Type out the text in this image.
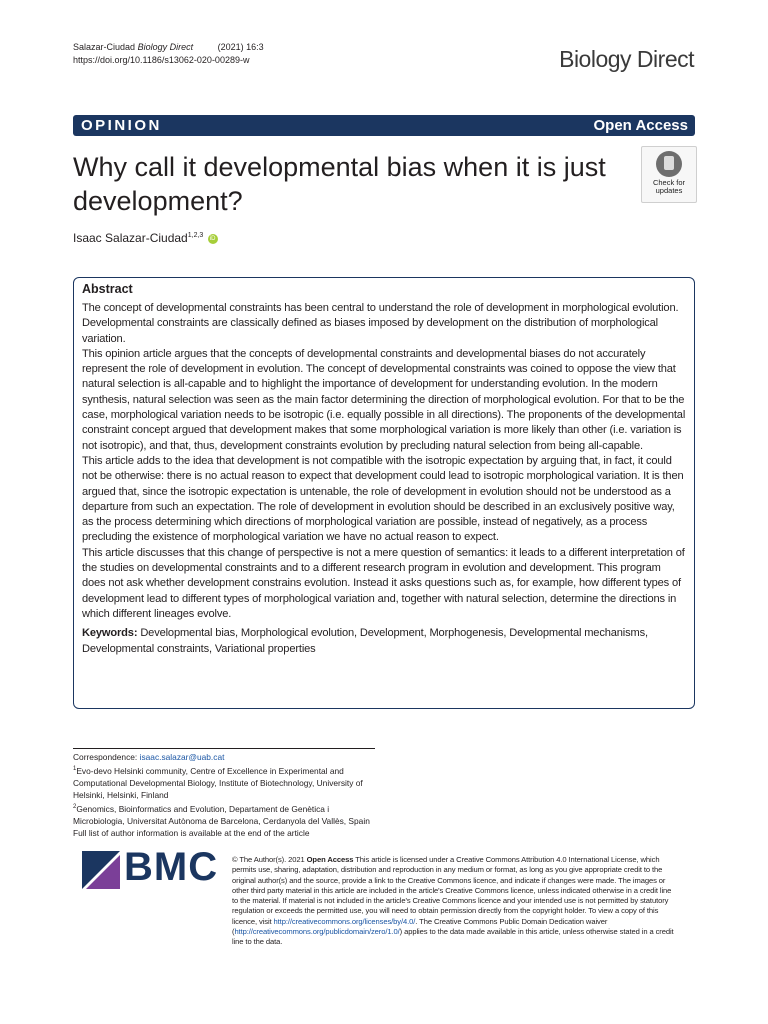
Salazar-Ciudad Biology Direct	(2021) 16:3
https://doi.org/10.1186/s13062-020-00289-w	Biology Direct
OPINION	Open Access
Why call it developmental bias when it is just development?
Check for
updates
Isaac Salazar-Ciudad$^{1,2,3}$ iD
Abstract

The concept of developmental constraints has been central to understand the role of development in morphological evolution. Developmental constraints are classically defined as biases imposed by development on the distribution of morphological variation.

This opinion article argues that the concepts of developmental constraints and developmental biases do not accurately represent the role of development in evolution. The concept of developmental constraints was coined to oppose the view that natural selection is all-capable and to highlight the importance of development for understanding evolution. In the modern synthesis, natural selection was seen as the main factor determining the direction of morphological evolution. For that to be the case, morphological variation needs to be isotropic (i.e. equally possible in all directions). The proponents of the developmental constraint concept argued that development makes that some morphological variation is more likely than other (i.e. variation is not isotropic), and that, thus, development constraints evolution by precluding natural selection from being all-capable.

This article adds to the idea that development is not compatible with the isotropic expectation by arguing that, in fact, it could not be otherwise: there is no actual reason to expect that development could lead to isotropic morphological variation. It is then argued that, since the isotropic expectation is untenable, the role of development in evolution should not be understood as a departure from such an expectation. The role of development in evolution should be described in an exclusively positive way, as the process determining which directions of morphological variation are possible, instead of negatively, as a process precluding the existence of morphological variation we have no actual reason to expect.

This article discusses that this change of perspective is not a mere question of semantics: it leads to a different interpretation of the studies on developmental constraints and to a different research program in evolution and development. This program does not ask whether development constrains evolution. Instead it asks questions such as, for example, how different types of development lead to different types of morphological variation and, together with natural selection, determine the directions in which different lineages evolve.

Keywords: Developmental bias, Morphological evolution, Development, Morphogenesis, Developmental mechanisms, Developmental constraints, Variational properties

Correspondence: isaac.salazar@uab.cat
$^1$Evo-devo Helsinki community, Centre of Excellence in Experimental and Computational Developmental Biology, Institute of Biotechnology, University of Helsinki, Helsinki, Finland
$^2$Genomics, Bioinformatics and Evolution, Departament de Genètica i Microbiologia, Universitat Autònoma de Barcelona, Cerdanyola del Vallès, Spain
Full list of author information is available at the end of the article
BMC © The Author(s). 2021 Open Access This article is licensed under a Creative Commons Attribution 4.0 International License, which permits use, sharing, adaptation, distribution and reproduction in any medium or format, as long as you give appropriate credit to the original author(s) and the source, provide a link to the Creative Commons licence, and indicate if changes were made. The images or other third party material in this article are included in the article's Creative Commons licence, unless indicated otherwise in a credit line to the material. If material is not included in the article's Creative Commons licence and your intended use is not permitted by statutory regulation or exceeds the permitted use, you will need to obtain permission directly from the copyright holder. To view a copy of this licence, visit http://creativecommons.org/licenses/by/4.0/. The Creative Commons Public Domain Dedication waiver (http://creativecommons.org/publicdomain/zero/1.0/) applies to the data made available in this article, unless otherwise stated in a credit line to the data.
